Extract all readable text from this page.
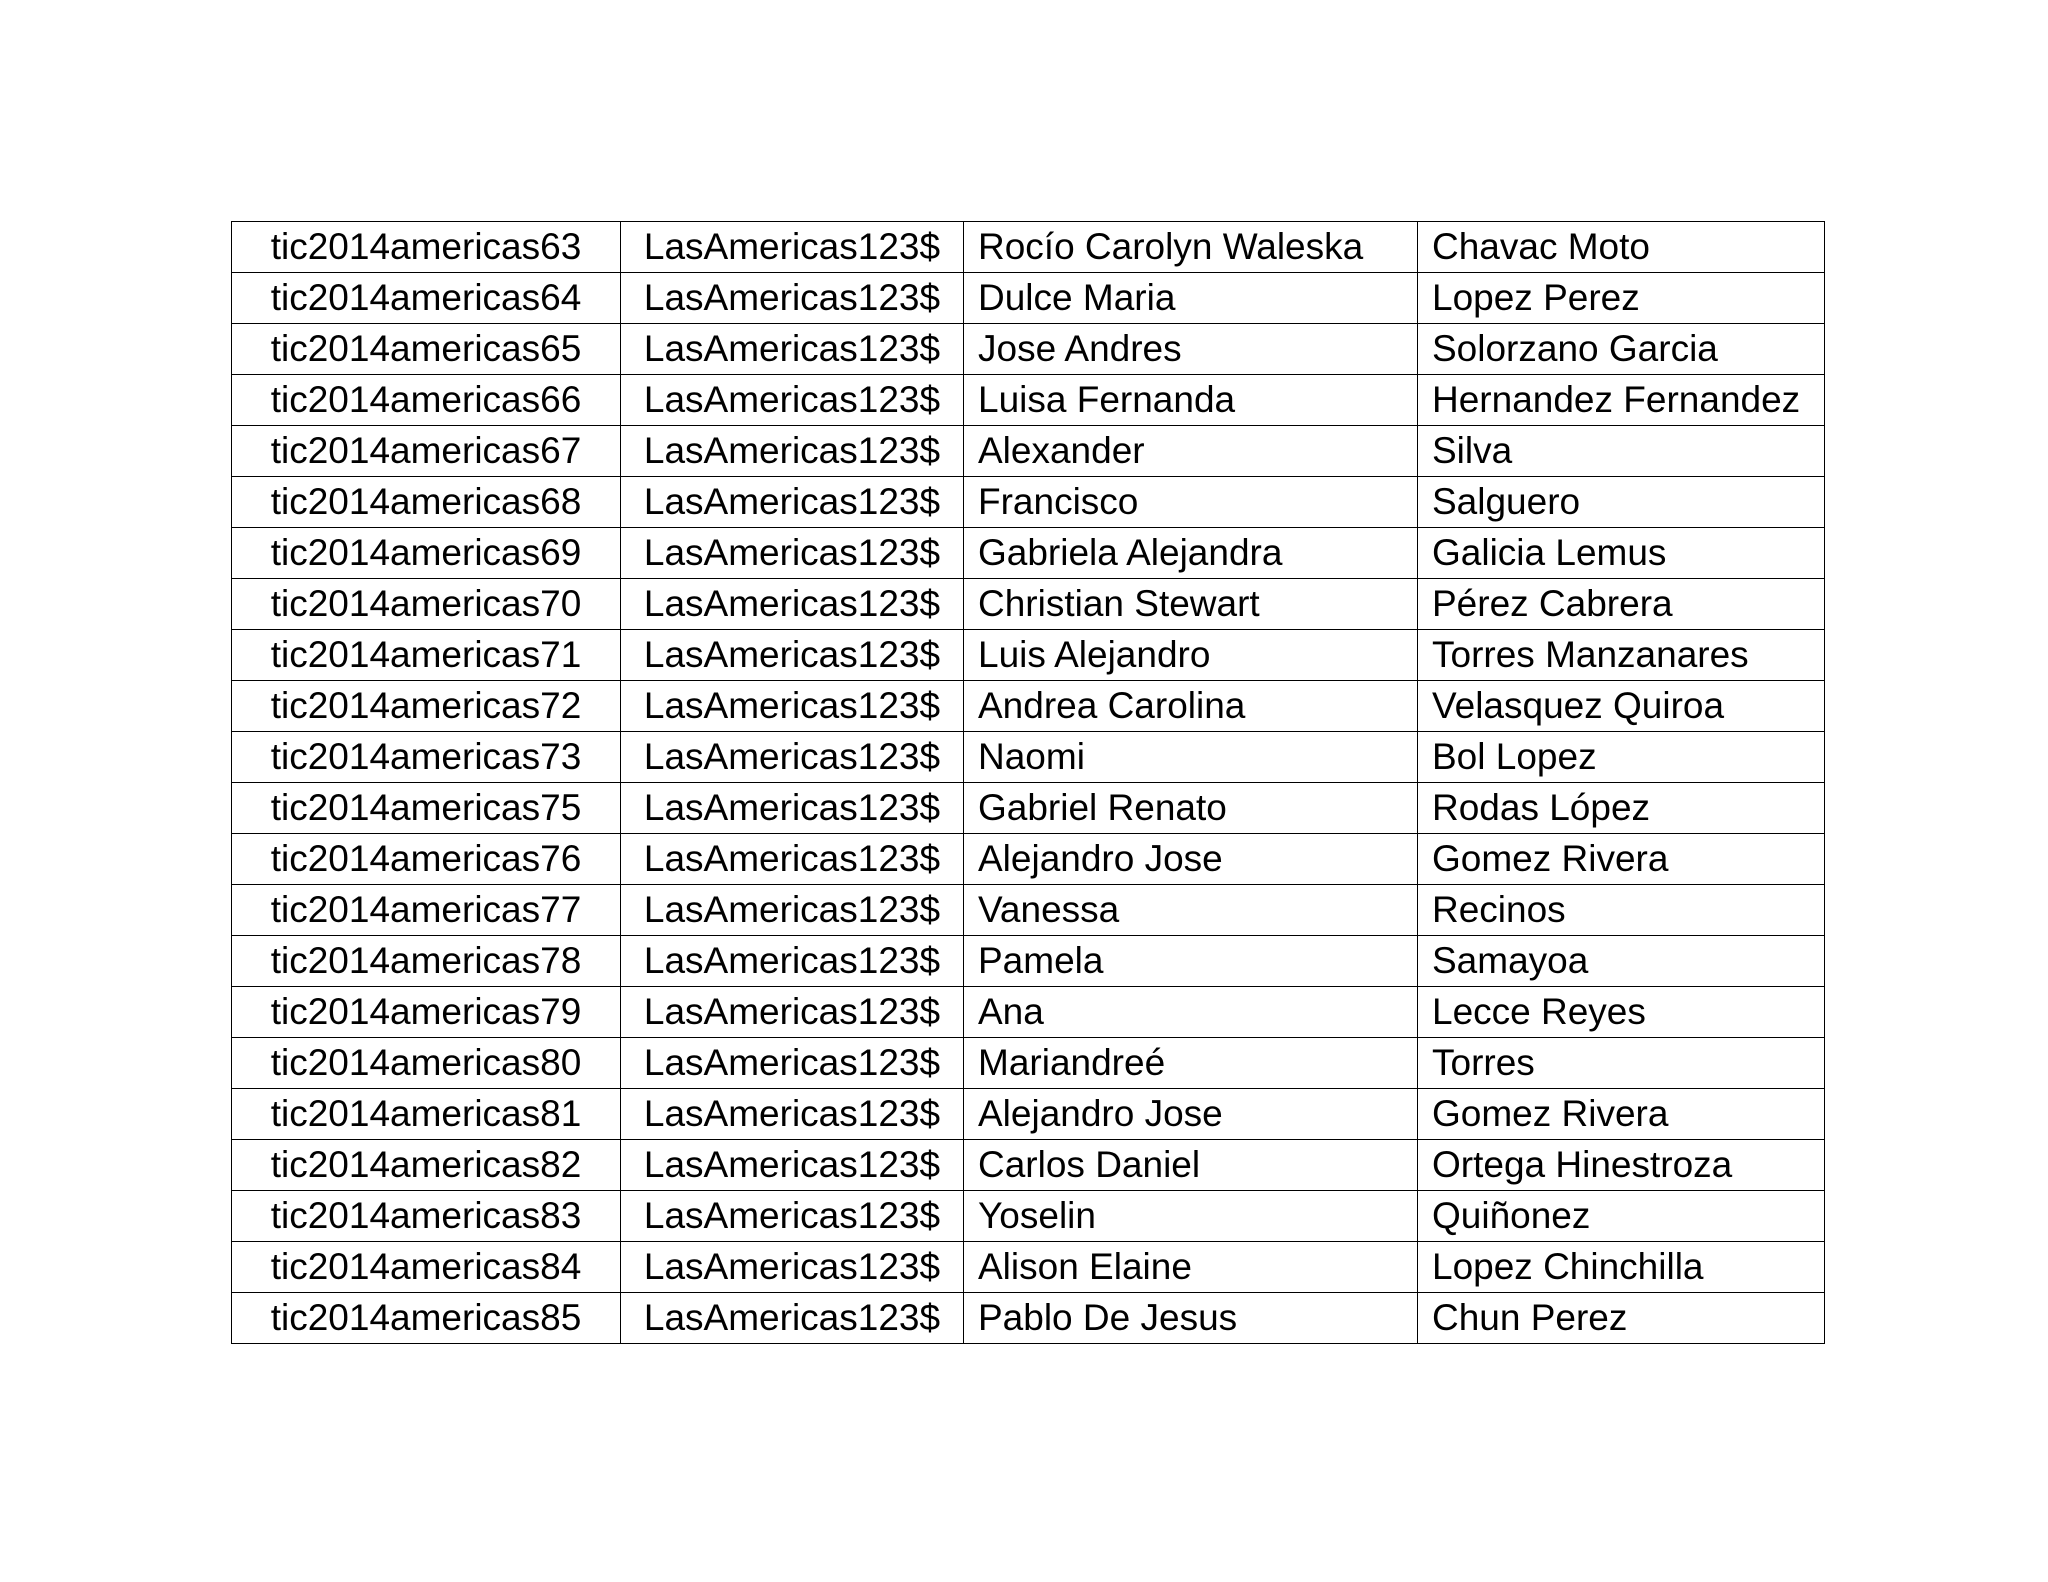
tic2014americas63	LasAmericas123$	Rocío Carolyn Waleska	Chavac Moto
tic2014americas64	LasAmericas123$	Dulce Maria	Lopez Perez
tic2014americas65	LasAmericas123$	Jose Andres	Solorzano Garcia
tic2014americas66	LasAmericas123$	Luisa Fernanda	Hernandez Fernandez
tic2014americas67	LasAmericas123$	Alexander	Silva
tic2014americas68	LasAmericas123$	Francisco	Salguero
tic2014americas69	LasAmericas123$	Gabriela Alejandra	Galicia Lemus
tic2014americas70	LasAmericas123$	Christian Stewart	Pérez Cabrera
tic2014americas71	LasAmericas123$	Luis Alejandro	Torres Manzanares
tic2014americas72	LasAmericas123$	Andrea Carolina	Velasquez Quiroa
tic2014americas73	LasAmericas123$	Naomi	Bol Lopez
tic2014americas75	LasAmericas123$	Gabriel Renato	Rodas López
tic2014americas76	LasAmericas123$	Alejandro Jose	Gomez Rivera
tic2014americas77	LasAmericas123$	Vanessa	Recinos
tic2014americas78	LasAmericas123$	Pamela	Samayoa
tic2014americas79	LasAmericas123$	Ana	Lecce Reyes
tic2014americas80	LasAmericas123$	Mariandreé	Torres
tic2014americas81	LasAmericas123$	Alejandro Jose	Gomez Rivera
tic2014americas82	LasAmericas123$	Carlos Daniel	Ortega Hinestroza
tic2014americas83	LasAmericas123$	Yoselin	Quiñonez
tic2014americas84	LasAmericas123$	Alison Elaine	Lopez Chinchilla
tic2014americas85	LasAmericas123$	Pablo De Jesus	Chun Perez
